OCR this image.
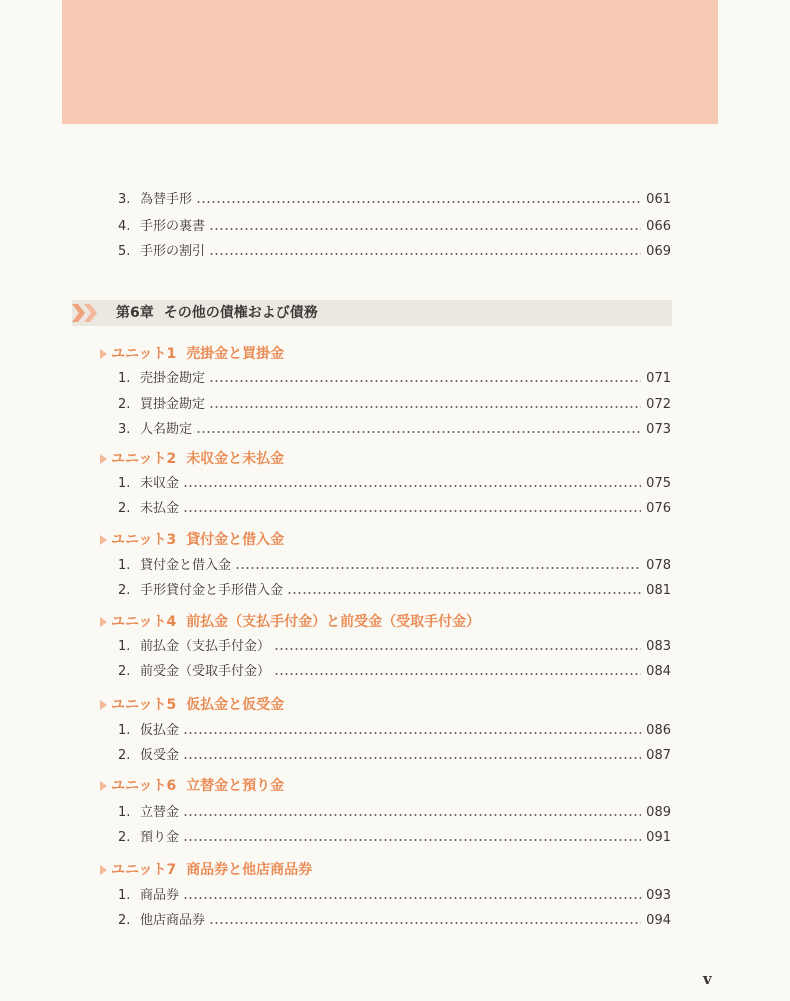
3. 為替手形	061
4. 手形の裏書	066
5. 手形の割引	069
第6章 その他の債権および債務
ユニット1 売掛金と買掛金
1. 売掛金勘定	071
2. 買掛金勘定	072
3. 人名勘定	073
ユニット2 未収金と未払金
1. 未収金	075
2. 未払金	076
ユニット3 貸付金と借入金
1. 貸付金と借入金	078
2. 手形貸付金と手形借入金	081
ユニット4 前払金（支払手付金）と前受金（受取手付金）
1. 前払金（支払手付金）	083
2. 前受金（受取手付金）	084
ユニット5 仮払金と仮受金
1. 仮払金	086
2. 仮受金	087
ユニット6 立替金と預り金
1. 立替金	089
2. 預り金	091
ユニット7 商品券と他店商品券
1. 商品券	093
2. 他店商品券	094
v
